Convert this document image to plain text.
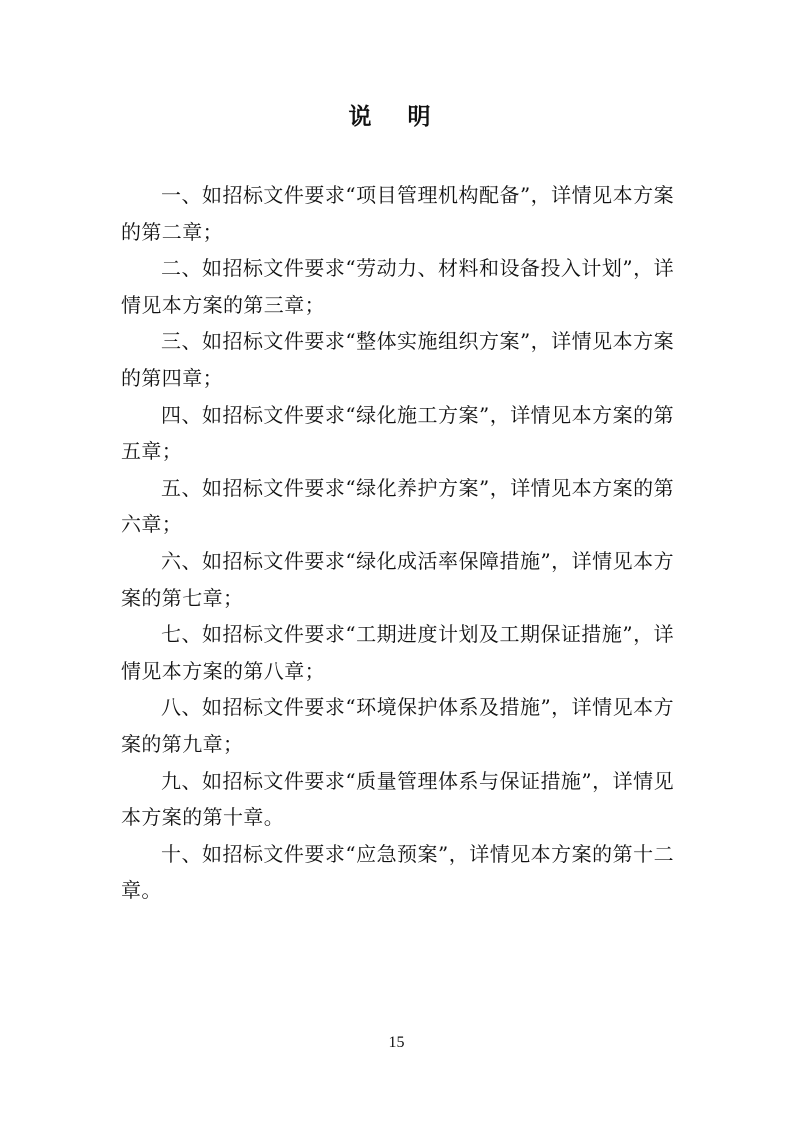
说 明

一、如招标文件要求“项目管理机构配备”，详情见本方案的第二章；

二、如招标文件要求“劳动力、材料和设备投入计划”，详情见本方案的第三章；

三、如招标文件要求“整体实施组织方案”，详情见本方案的第四章；

四、如招标文件要求“绿化施工方案”，详情见本方案的第五章；

五、如招标文件要求“绿化养护方案”，详情见本方案的第六章；

六、如招标文件要求“绿化成活率保障措施”，详情见本方案的第七章；

七、如招标文件要求“工期进度计划及工期保证措施”，详情见本方案的第八章；

八、如招标文件要求“环境保护体系及措施”，详情见本方案的第九章；

九、如招标文件要求“质量管理体系与保证措施”，详情见本方案的第十章。

十、如招标文件要求“应急预案”，详情见本方案的第十二章。

15
